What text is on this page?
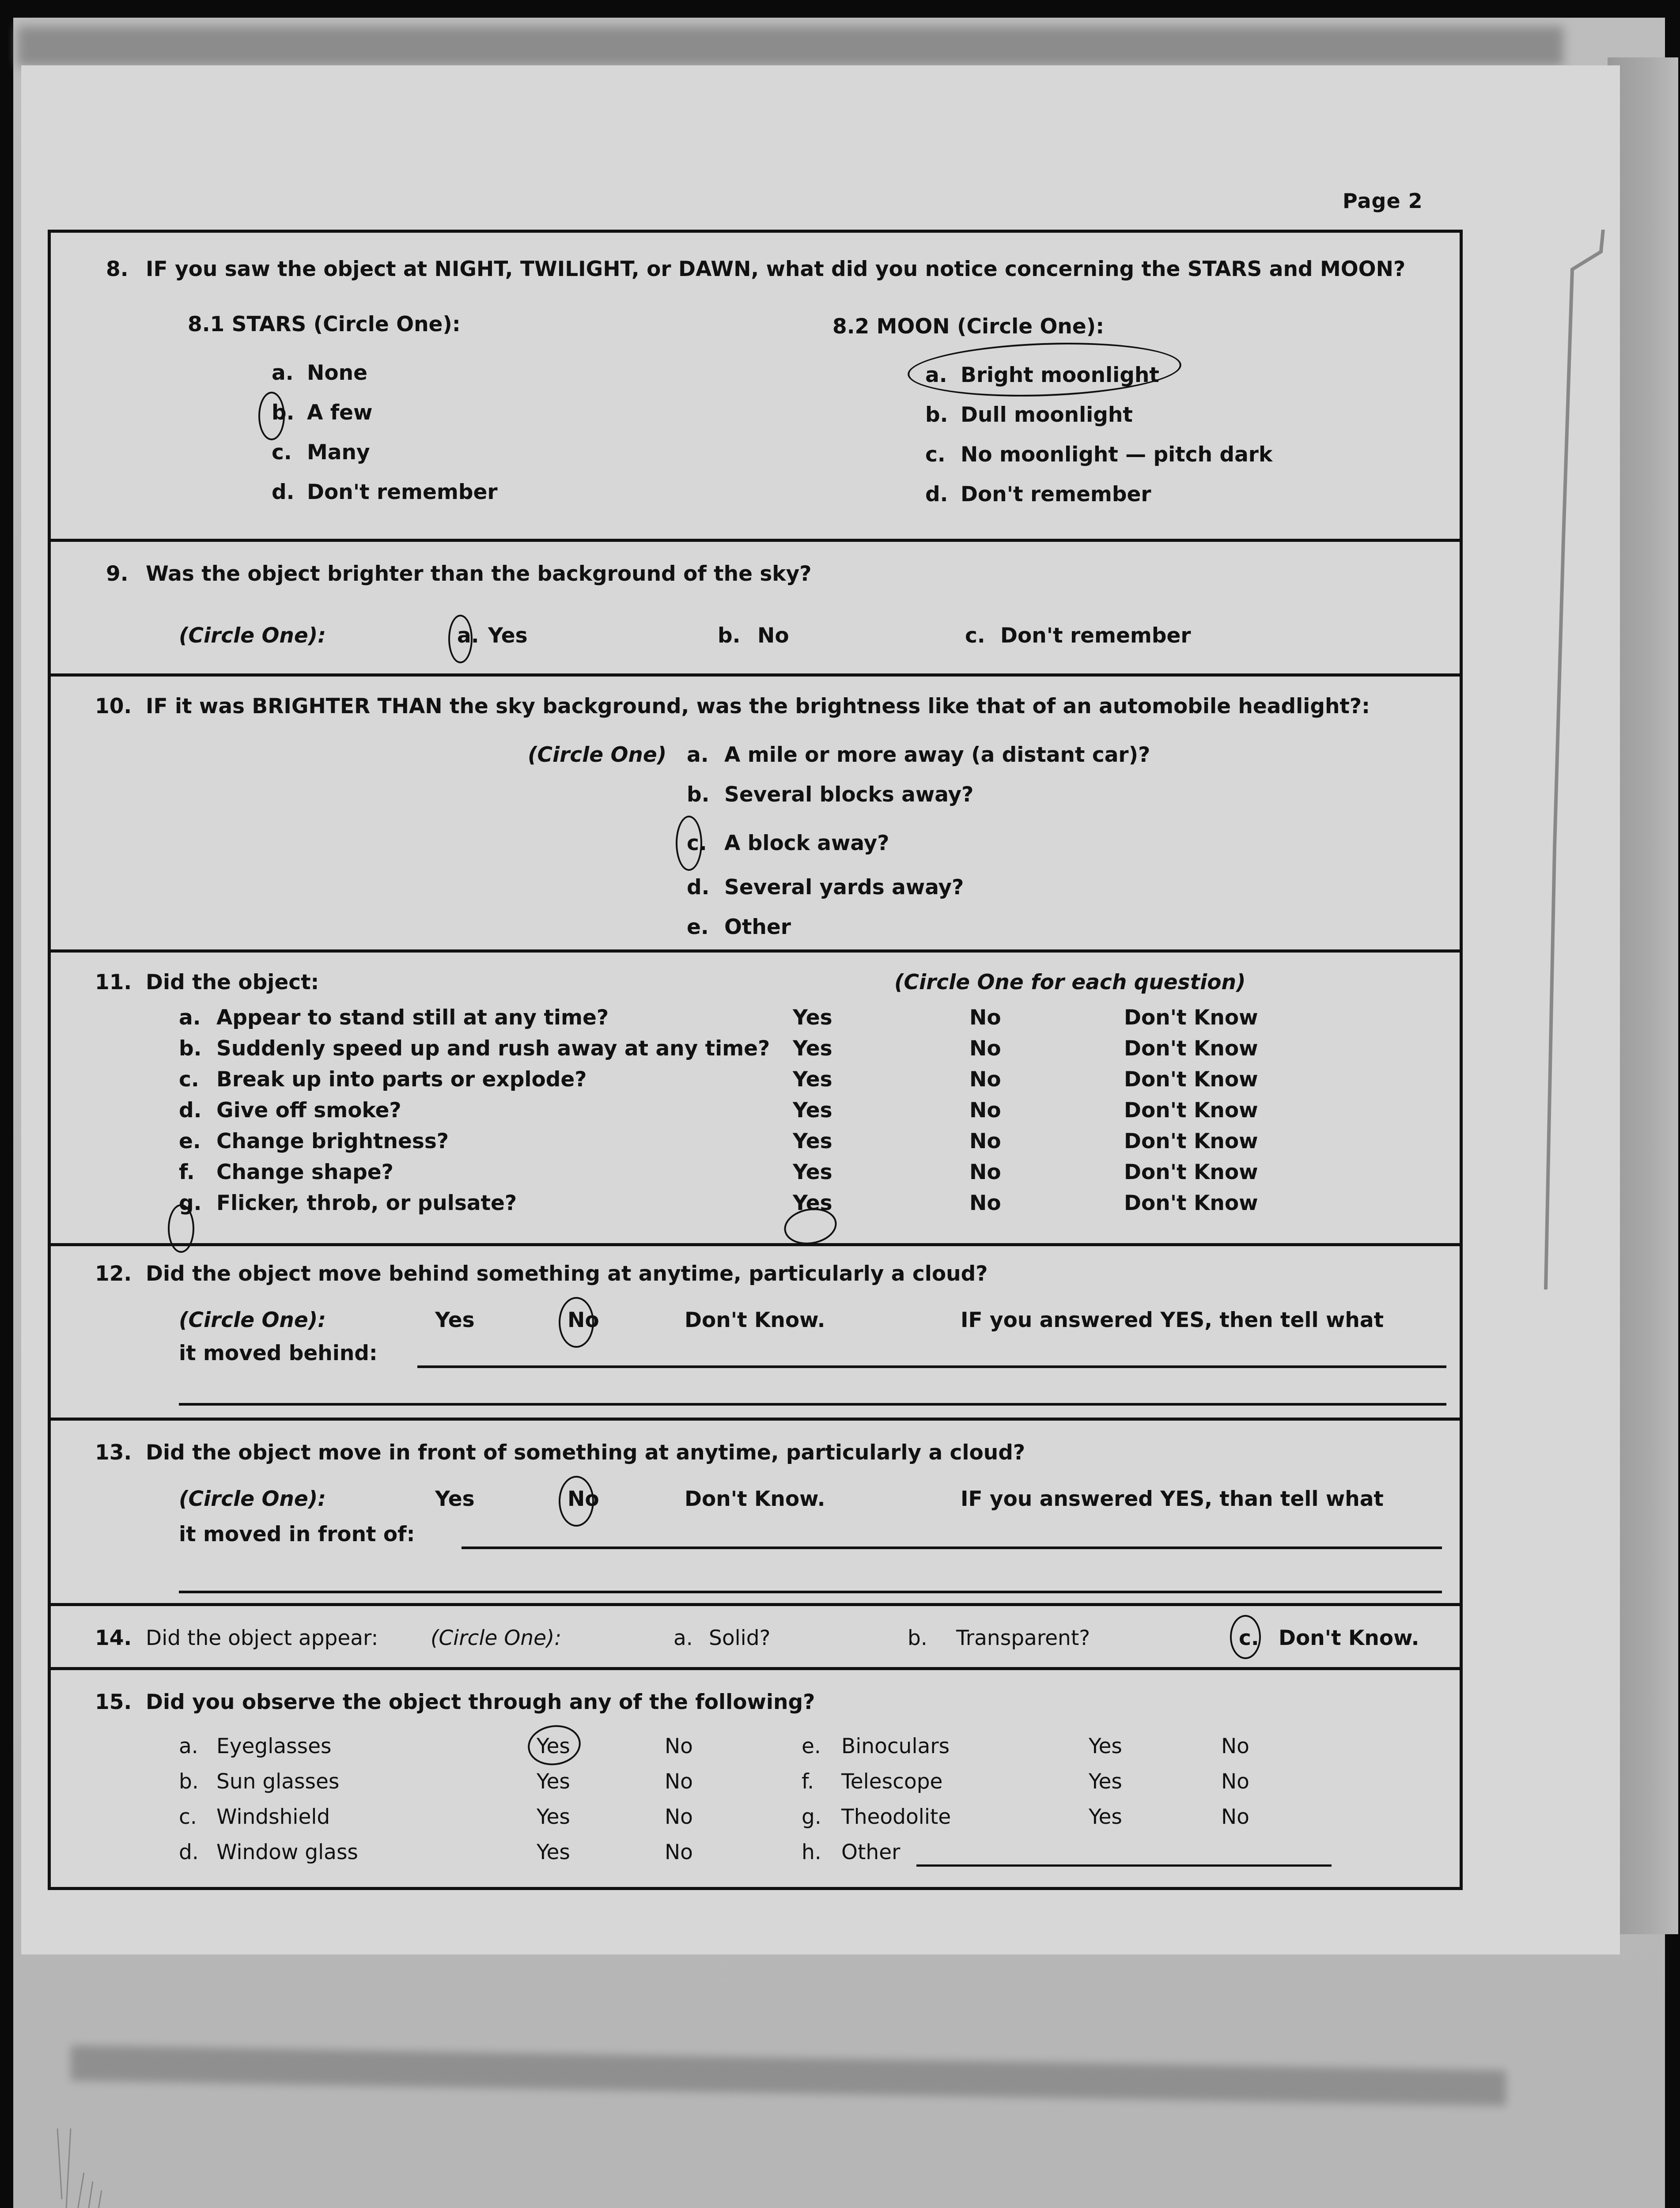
Page 2
8. IF you saw the object at NIGHT, TWILIGHT, or DAWN, what did you notice concerning the STARS and MOON?
8.1 STARS (Circle One):
a. None
b. A few
c. Many
d. Don't remember
8.2 MOON (Circle One):
a. Bright moonlight
b. Dull moonlight
c. No moonlight — pitch dark
d. Don't remember
9. Was the object brighter than the background of the sky?
(Circle One):	a. Yes	b. No	c. Don't remember
10. IF it was BRIGHTER THAN the sky background, was the brightness like that of an automobile headlight?:
(Circle One) a. A mile or more away (a distant car)?
b. Several blocks away?
c. A block away?
d. Several yards away?
e. Other
11. Did the object:	(Circle One for each question)
a. Appear to stand still at any time?	Yes	No	Don't Know
b. Suddenly speed up and rush away at any time? Yes	No	Don't Know
c. Break up into parts or explode?	Yes	No	Don't Know
d. Give off smoke?	Yes	No	Don't Know
e. Change brightness?	Yes	No	Don't Know
f. Change shape?	Yes	No	Don't Know
g. Flicker, throb, or pulsate?	Yes	No	Don't Know
12. Did the object move behind something at anytime, particularly a cloud?
(Circle One):	Yes	No	Don't Know.	IF you answered YES, then tell what
it moved behind:
13. Did the object move in front of something at anytime, particularly a cloud?
(Circle One):	Yes	No	Don't Know.	IF you answered YES, than tell what
it moved in front of:
14. Did the object appear:	(Circle One):	a. Solid?	b. Transparent?	c. Don't Know.
15. Did you observe the object through any of the following?
a. Eyeglasses	Yes	No
b. Sun glasses	Yes	No
c. Windshield	Yes	No
d. Window glass	Yes	No
e. Binoculars	Yes	No
f. Telescope	Yes	No
g. Theodolite	Yes	No
h. Other
